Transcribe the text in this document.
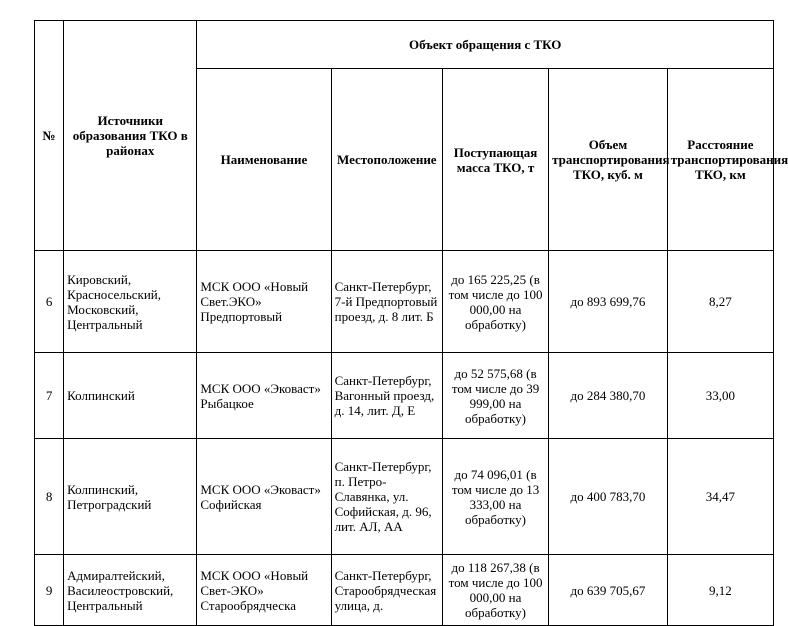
№	Источники образования ТКО в районах	Объект обращения с ТКО				
		Наименование	Местоположение	Поступающая масса ТКО, т	Объем транспортирования ТКО, куб. м	Расстояние транспортирования ТКО, км
6	Кировский, Красносельский, Московский, Центральный	МСК ООО «Новый Свет.ЭКО» Предпортовый	Санкт-Петербург, 7-й Предпортовый проезд, д. 8 лит. Б	до 165 225,25 (в том числе до 100 000,00 на обработку)	до 893 699,76	8,27
7	Колпинский	МСК ООО «Эковаст» Рыбацкое	Санкт-Петербург, Вагонный проезд, д. 14, лит. Д, Е	до 52 575,68 (в том числе до 39 999,00 на обработку)	до 284 380,70	33,00
8	Колпинский, Петроградский	МСК ООО «Эковаст» Софийская	Санкт-Петербург, п. Петро-Славянка, ул. Софийская, д. 96, лит. АЛ, АА	до 74 096,01 (в том числе до 13 333,00 на обработку)	до 400 783,70	34,47
9	Адмиралтейский, Василеостровский, Центральный	МСК ООО «Новый Свет-ЭКО» Старообрядческа	Санкт-Петербург, Старообрядческая улица, д.	до 118 267,38 (в том числе до 100 000,00 на обработку)	до 639 705,67	9,12
